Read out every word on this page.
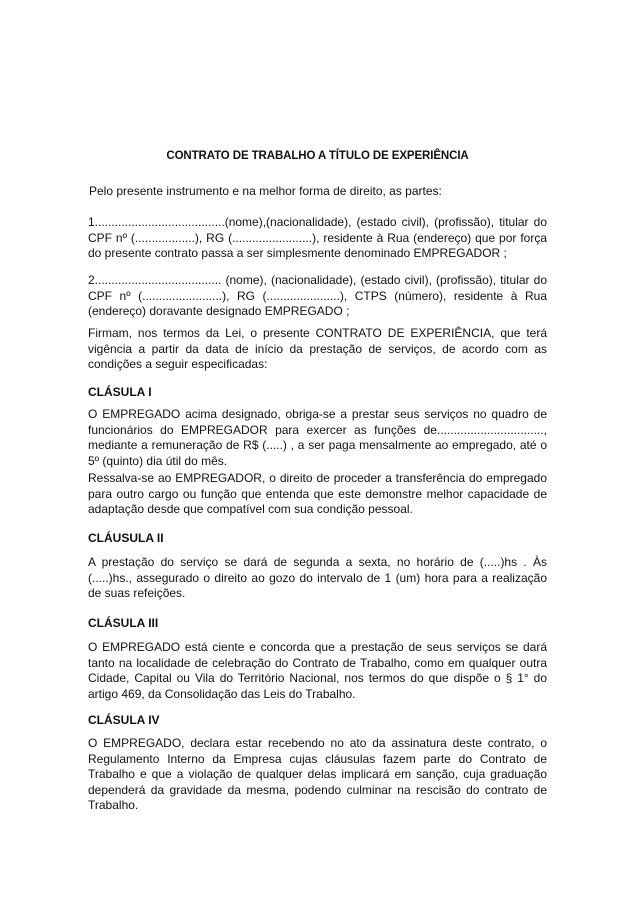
CONTRATO DE TRABALHO A TÍTULO DE EXPERIÊNCIA
Pelo presente instrumento e na melhor forma de direito, as partes:

1.......................................(nome),(nacionalidade), (estado civil), (profissão), titular do CPF nº (..................), RG (........................), residente à Rua (endereço) que por força do presente contrato passa a ser simplesmente denominado EMPREGADOR ;

2...................................... (nome), (nacionalidade), (estado civil), (profissão), titular do CPF nº (........................), RG (......................), CTPS (número), residente à Rua (endereço) doravante designado EMPREGADO ;

Firmam, nos termos da Lei, o presente CONTRATO DE EXPERIÊNCIA, que terá vigência a partir da data de início da prestação de serviços, de acordo com as condições a seguir especificadas:

CLÁSULA I

O EMPREGADO acima designado, obriga-se a prestar seus serviços no quadro de funcionários do EMPREGADOR para exercer as funções de................................, mediante a remuneração de R$ (.....) , a ser paga mensalmente ao empregado, até o 5º (quinto) dia útil do mês.

Ressalva-se ao EMPREGADOR, o direito de proceder a transferência do empregado para outro cargo ou função que entenda que este demonstre melhor capacidade de adaptação desde que compatível com sua condição pessoal.

CLÁUSULA II

A prestação do serviço se dará de segunda a sexta, no horário de (.....)hs . Às (.....)hs., assegurado o direito ao gozo do intervalo de 1 (um) hora para a realização de suas refeições.

CLÁSULA III

O EMPREGADO está ciente e concorda que a prestação de seus serviços se dará tanto na localidade de celebração do Contrato de Trabalho, como em qualquer outra Cidade, Capital ou Vila do Território Nacional, nos termos do que dispõe o § 1° do artigo 469, da Consolidação das Leis do Trabalho.

CLÁSULA IV

O EMPREGADO, declara estar recebendo no ato da assinatura deste contrato, o Regulamento Interno da Empresa cujas cláusulas fazem parte do Contrato de Trabalho e que a violação de qualquer delas implicará em sanção, cuja graduação dependerá da gravidade da mesma, podendo culminar na rescisão do contrato de Trabalho.
